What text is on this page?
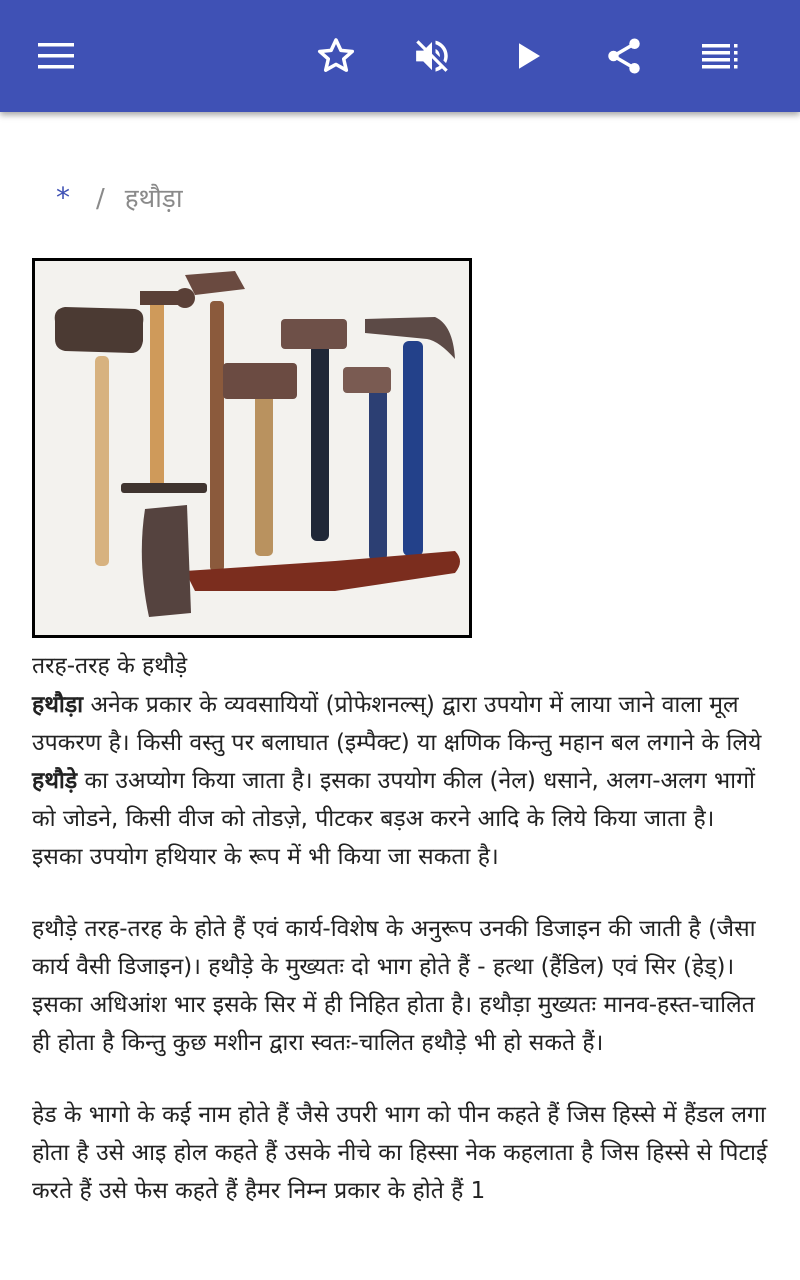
* / हथौड़ा
तरह-तरह के हथौड़े

हथौड़ा अनेक प्रकार के व्यवसायियों (प्रोफेशनल्स्) द्वारा उपयोग में लाया जाने वाला मूल उपकरण है। किसी वस्तु पर बलाघात (इम्पैक्ट) या क्षणिक किन्तु महान बल लगाने के लिये हथौड़े का उअप्योग किया जाता है। इसका उपयोग कील (नेल) धसाने, अलग-अलग भागों को जोडने, किसी वीज को तोडज़े, पीटकर बड़अ करने आदि के लिये किया जाता है। इसका उपयोग हथियार के रूप में भी किया जा सकता है।

हथौड़े तरह-तरह के होते हैं एवं कार्य-विशेष के अनुरूप उनकी डिजाइन की जाती है (जैसा कार्य वैसी डिजाइन)। हथौड़े के मुख्यतः दो भाग होते हैं - हत्था (हैंडिल) एवं सिर (हेड्)। इसका अधिआंश भार इसके सिर में ही निहित होता है। हथौड़ा मुख्यतः मानव-हस्त-चालित ही होता है किन्तु कुछ मशीन द्वारा स्वतः-चालित हथौड़े भी हो सकते हैं।

हेड के भागो के कई नाम होते हैं जैसे उपरी भाग को पीन कहते हैं जिस हिस्से में हैंडल लगा होता है उसे आइ होल कहते हैं उसके नीचे का हिस्सा नेक कहलाता है जिस हिस्से से पिटाई करते हैं उसे फेस कहते हैं हैमर निम्न प्रकार के होते हैं 1
